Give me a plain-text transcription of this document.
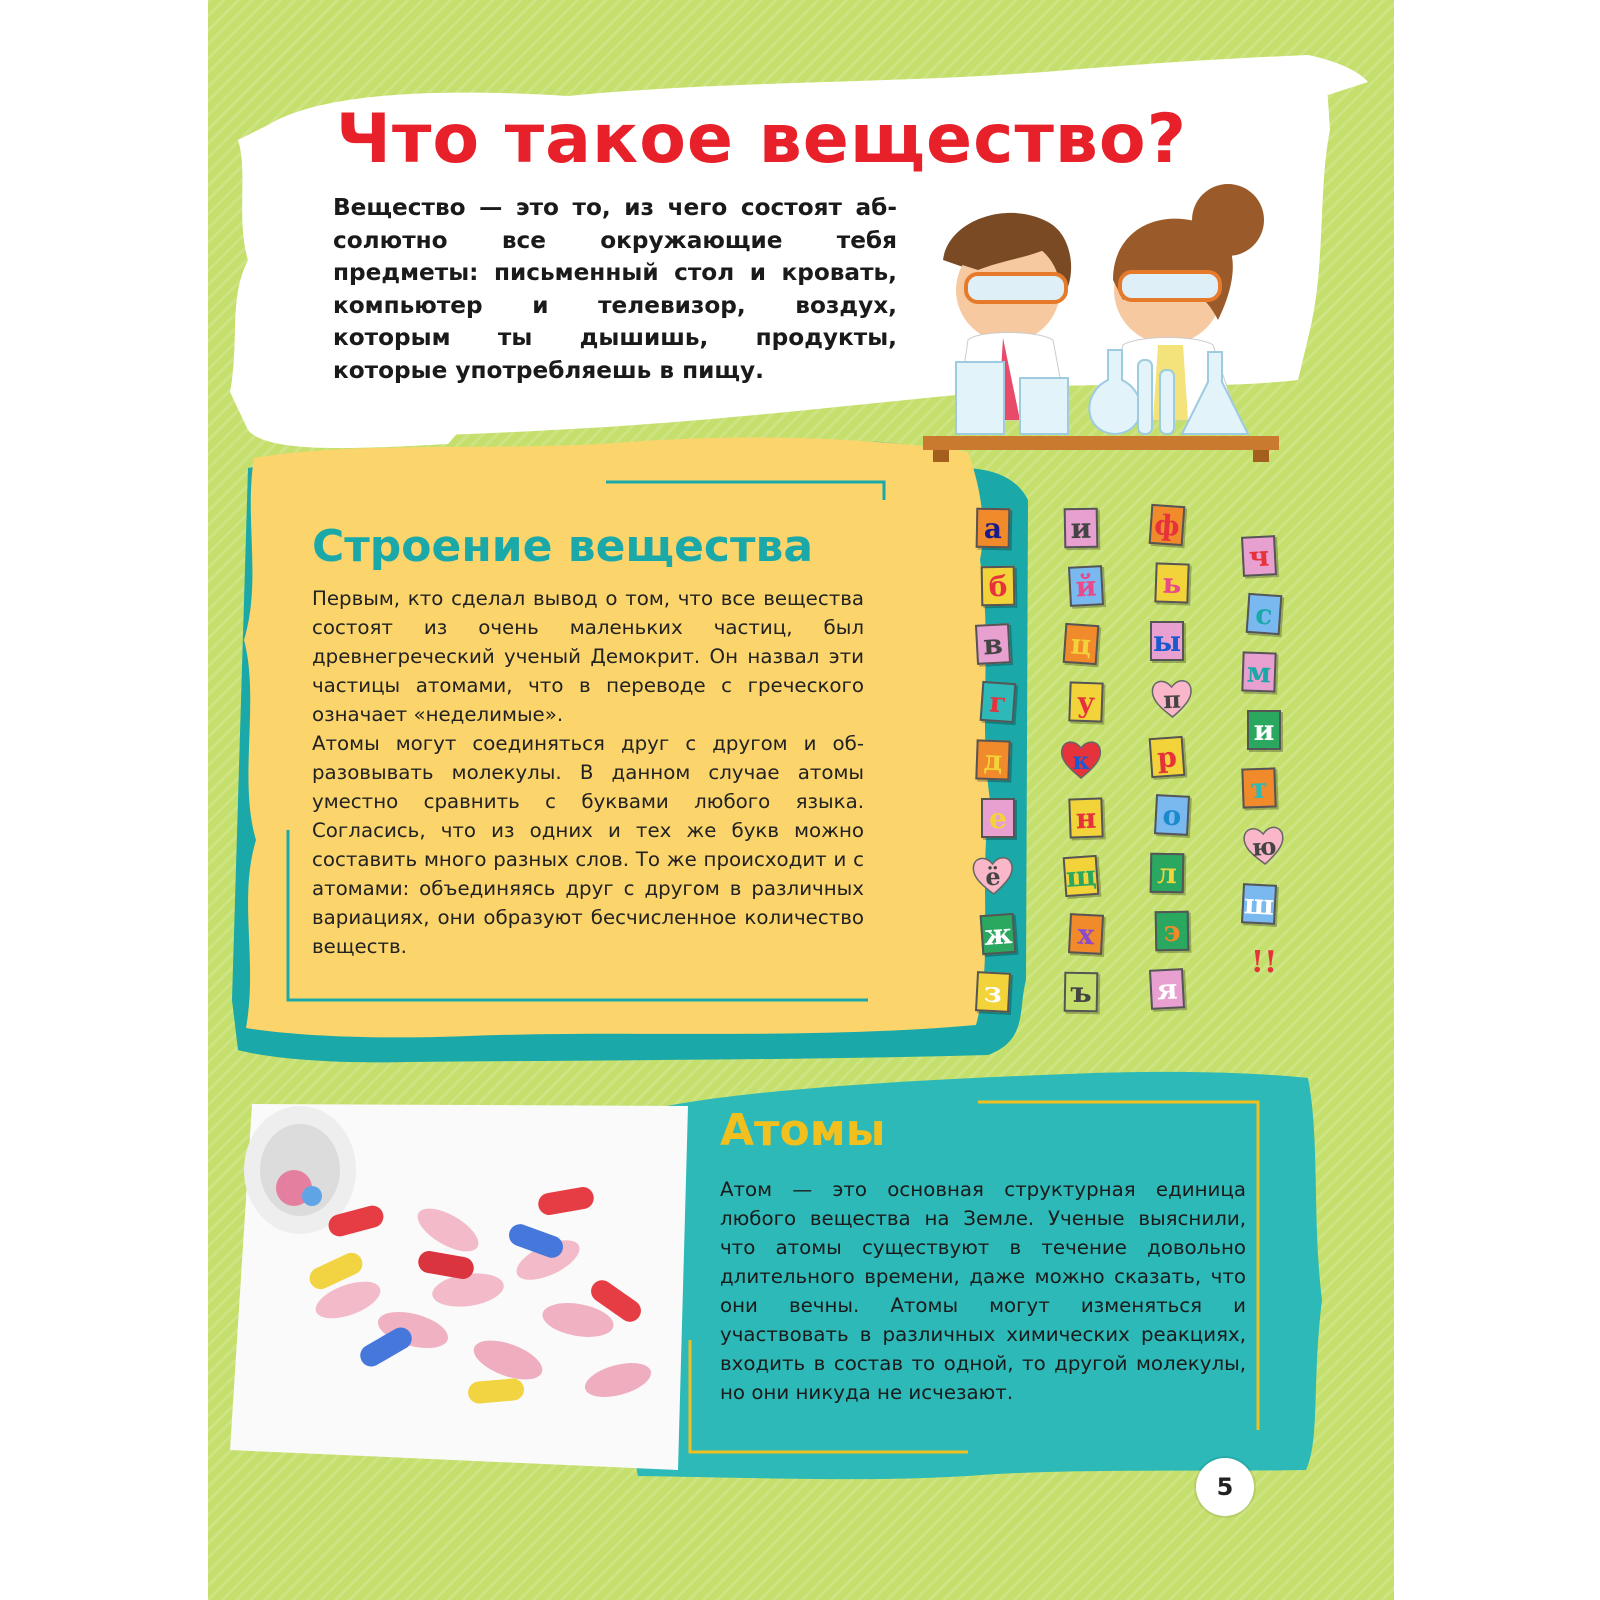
Что такое вещество?

Вещество — это то, из чего состоят абсолютно все окружающие тебя предметы: письменный стол и кровать, компьютер и телевизор, воздух, которым ты дышишь, продукты, которые употребляешь в пищу.

Строение вещества

Первым, кто сделал вывод о том, что все вещества состоят из очень маленьких частиц, был древнегреческий ученый Демокрит. Он назвал эти частицы атомами, что в переводе с греческого означает «неделимые».

Атомы могут соединяться друг с другом и образовывать молекулы. В данном случае атомы уместно сравнить с буквами любого языка. Согласись, что из одних и тех же букв можно составить много разных слов. То же происходит и с атомами: объединяясь друг с другом в различных вариациях, они образуют бесчисленное количество веществ.

а
б
в
г
д
е
ё
ж
з
и
й
ц
у
к
н
щ
х
ъ
ф
ь
ы
п
р
о
л
э
я
ч
с
м
и
т
ю
ш
!!
Атомы

Атом — это основная структурная единица любого вещества на Земле. Ученые выяснили, что атомы существуют в течение довольно длительного времени, даже можно сказать, что они вечны. Атомы могут изменяться и участвовать в различных химических реакциях, входить в состав то одной, то другой молекулы, но они никуда не исчезают.

5
